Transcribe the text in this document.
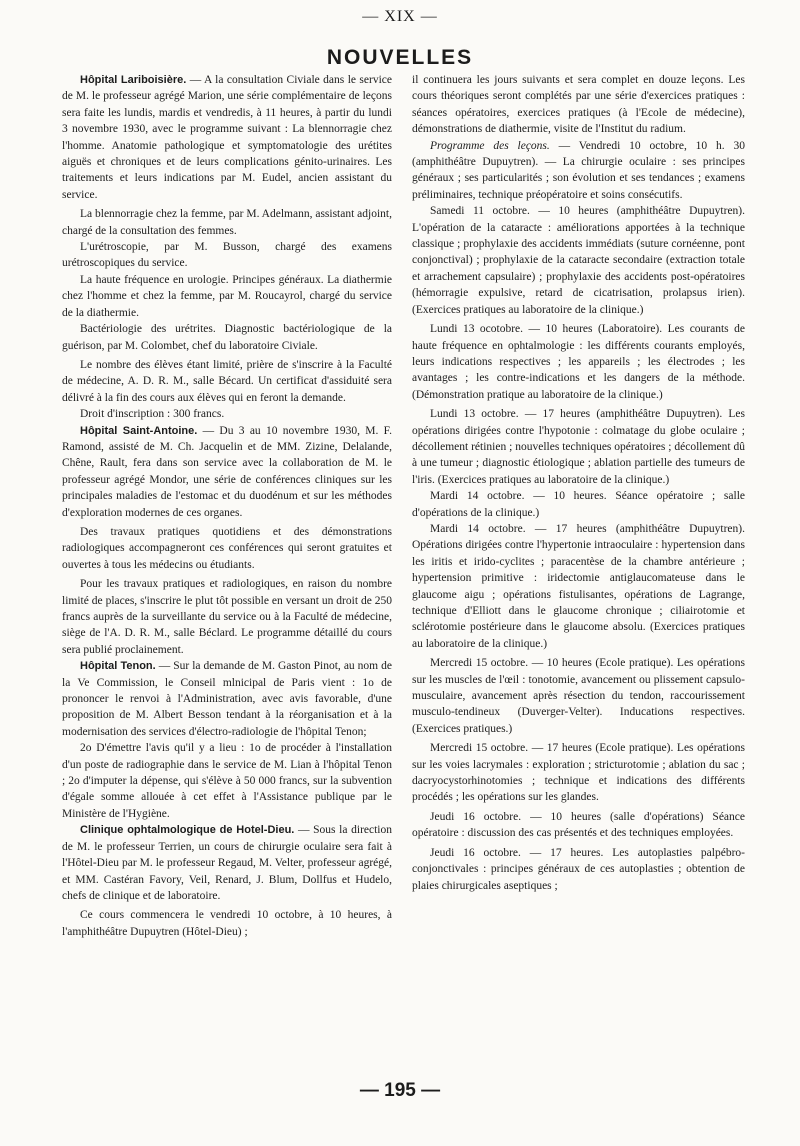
— XIX —
NOUVELLES

Hôpital Lariboisière. — A la consultation Civiale dans le service de M. le professeur agrégé Marion, une série complémentaire de leçons sera faite les lundis, mardis et vendredis, à 11 heures, à partir du lundi 3 novembre 1930, avec le programme suivant : La blennorragie chez l'homme. Anatomie pathologique et symptomatologie des urétites aiguës et chroniques et de leurs complications génito-urinaires. Les traitements et leurs indications par M. Eudel, ancien assistant du service.

La blennorragie chez la femme, par M. Adelmann, assistant adjoint, chargé de la consultation des femmes.

L'urétroscopie, par M. Busson, chargé des examens urétroscopiques du service.

La haute fréquence en urologie. Principes généraux. La diathermie chez l'homme et chez la femme, par M. Roucayrol, chargé du service de la diathermie.

Bactériologie des urétrites. Diagnostic bactériologique de la guérison, par M. Colombet, chef du laboratoire Civiale.

Le nombre des élèves étant limité, prière de s'inscrire à la Faculté de médecine, A. D. R. M., salle Bécard. Un certificat d'assiduité sera délivré à la fin des cours aux élèves qui en feront la demande.

Droit d'inscription : 300 francs.

Hôpital Saint-Antoine. — Du 3 au 10 novembre 1930, M. F. Ramond, assisté de M. Ch. Jacquelin et de MM. Zizine, Delalande, Chêne, Rault, fera dans son service avec la collaboration de M. le professeur agrégé Mondor, une série de conférences cliniques sur les principales maladies de l'estomac et du duodénum et sur les méthodes d'exploration modernes de ces organes.

Des travaux pratiques quotidiens et des démonstrations radiologiques accompagneront ces conférences qui seront gratuites et ouvertes à tous les médecins ou étudiants.

Pour les travaux pratiques et radiologiques, en raison du nombre limité de places, s'inscrire le plut tôt possible en versant un droit de 250 francs auprès de la surveillante du service ou à la Faculté de médecine, siège de l'A. D. R. M., salle Béclard. Le programme détaillé du cours sera publié proclainement.

Hôpital Tenon. — Sur la demande de M. Gaston Pinot, au nom de la Ve Commission, le Conseil mlnicipal de Paris vient : 1o de prononcer le renvoi à l'Administration, avec avis favorable, d'une proposition de M. Albert Besson tendant à la réorganisation et à la modernisation des services d'électro-radiologie de l'hôpital Tenon;

2o D'émettre l'avis qu'il y a lieu : 1o de procéder à l'installation d'un poste de radiographie dans le service de M. Lian à l'hôpital Tenon ; 2o d'imputer la dépense, qui s'élève à 50 000 francs, sur la subvention d'égale somme allouée à cet effet à l'Assistance publique par le Ministère de l'Hygiène.

Clinique ophtalmologique de Hotel-Dieu. — Sous la direction de M. le professeur Terrien, un cours de chirurgie oculaire sera fait à l'Hôtel-Dieu par M. le professeur Regaud, M. Velter, professeur agrégé, et MM. Castéran Favory, Veil, Renard, J. Blum, Dollfus et Hudelo, chefs de clinique et de laboratoire.

Ce cours commencera le vendredi 10 octobre, à 10 heures, à l'amphithéâtre Dupuytren (Hôtel-Dieu) ;

il continuera les jours suivants et sera complet en douze leçons. Les cours théoriques seront complétés par une série d'exercices pratiques : séances opératoires, exercices pratiques (à l'Ecole de médecine), démonstrations de diathermie, visite de l'Institut du radium.

Programme des leçons. — Vendredi 10 octobre, 10 h. 30 (amphithéâtre Dupuytren). — La chirurgie oculaire : ses principes généraux ; ses particularités ; son évolution et ses tendances ; examens préliminaires, technique préopératoire et soins consécutifs.

Samedi 11 octobre. — 10 heures (amphithéâtre Dupuytren). L'opération de la cataracte : améliorations apportées à la technique classique ; prophylaxie des accidents immédiats (suture cornéenne, pont conjonctival) ; prophylaxie de la cataracte secondaire (extraction totale et arrachement capsulaire) ; prophylaxie des accidents post-opératoires (hémorragie expulsive, retard de cicatrisation, prolapsus irien). (Exercices pratiques au laboratoire de la clinique.)

Lundi 13 ocotobre. — 10 heures (Laboratoire). Les courants de haute fréquence en ophtalmologie : les différents courants employés, leurs indications respectives ; les appareils ; les électrodes ; les avantages ; les contre-indications et les dangers de la méthode. (Démonstration pratique au laboratoire de la clinique.)

Lundi 13 octobre. — 17 heures (amphithéâtre Dupuytren). Les opérations dirigées contre l'hypotonie : colmatage du globe oculaire ; décollement rétinien ; nouvelles techniques opératoires ; décollement dû à une tumeur ; diagnostic étiologique ; ablation partielle des tumeurs de l'iris. (Exercices pratiques au laboratoire de la clinique.)

Mardi 14 octobre. — 10 heures. Séance opératoire ; salle d'opérations de la clinique.)

Mardi 14 octobre. — 17 heures (amphithéâtre Dupuytren). Opérations dirigées contre l'hypertonie intraoculaire : hypertension dans les iritis et irido-cyclites ; paracentèse de la chambre antérieure ; hypertension primitive : iridectomie antiglaucomateuse dans le glaucome aigu ; opérations fistulisantes, opérations de Lagrange, technique d'Elliott dans le glaucome chronique ; ciliairotomie et sclérotomie postérieure dans le glaucome absolu. (Exercices pratiques au laboratoire de la clinique.)

Mercredi 15 octobre. — 10 heures (Ecole pratique). Les opérations sur les muscles de l'œil : tonotomie, avancement ou plissement capsulo-musculaire, avancement après résection du tendon, raccourissement musculo-tendineux (Duverger-Velter). Inducations respectives. (Exercices pratiques.)

Mercredi 15 octobre. — 17 heures (Ecole pratique). Les opérations sur les voies lacrymales : exploration ; stricturotomie ; ablation du sac ; dacryocystorhinotomies ; technique et indications des différents procédés ; les opérations sur les glandes.

Jeudi 16 octobre. — 10 heures (salle d'opérations) Séance opératoire : discussion des cas présentés et des techniques employées.

Jeudi 16 octobre. — 17 heures. Les autoplasties palpébro-conjonctivales : principes généraux de ces autoplasties ; obtention de plaies chirurgicales aseptiques ;

— 195 —
